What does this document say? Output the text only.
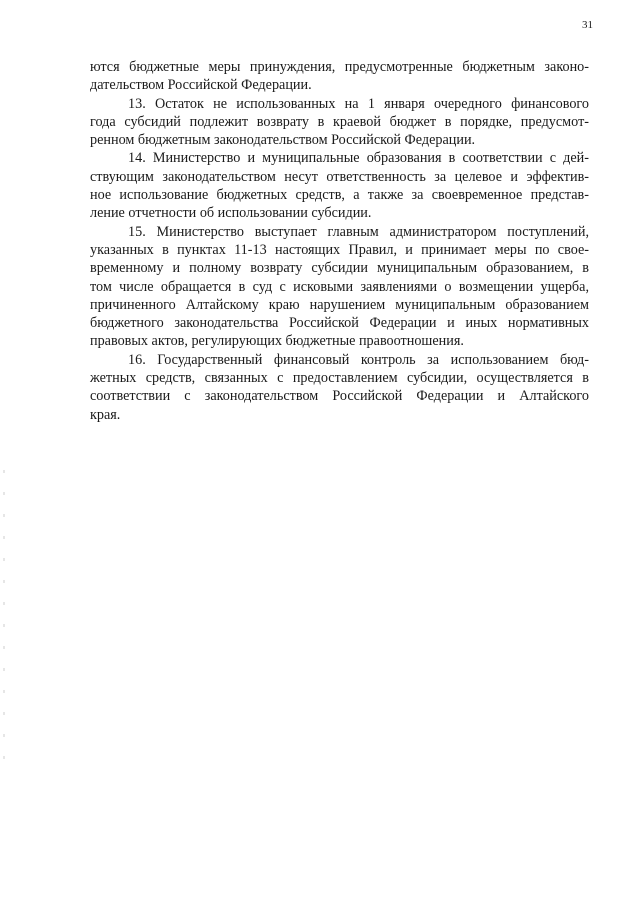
31
ются бюджетные меры принуждения, предусмотренные бюджетным законо-
дательством Российской Федерации.
13. Остаток не использованных на 1 января очередного финансового
года субсидий подлежит возврату в краевой бюджет в порядке, предусмот-
ренном бюджетным законодательством Российской Федерации.
14. Министерство и муниципальные образования в соответствии с дей-
ствующим законодательством несут ответственность за целевое и эффектив-
ное использование бюджетных средств, а также за своевременное представ-
ление отчетности об использовании субсидии.
15. Министерство выступает главным администратором поступлений,
указанных в пунктах 11-13 настоящих Правил, и принимает меры по свое-
временному и полному возврату субсидии муниципальным образованием, в
том числе обращается в суд с исковыми заявлениями о возмещении ущерба,
причиненного Алтайскому краю нарушением муниципальным образованием
бюджетного законодательства Российской Федерации и иных нормативных
правовых актов, регулирующих бюджетные правоотношения.
16. Государственный финансовый контроль за использованием бюд-
жетных средств, связанных с предоставлением субсидии, осуществляется в
соответствии с законодательством Российской Федерации и Алтайского
края.
